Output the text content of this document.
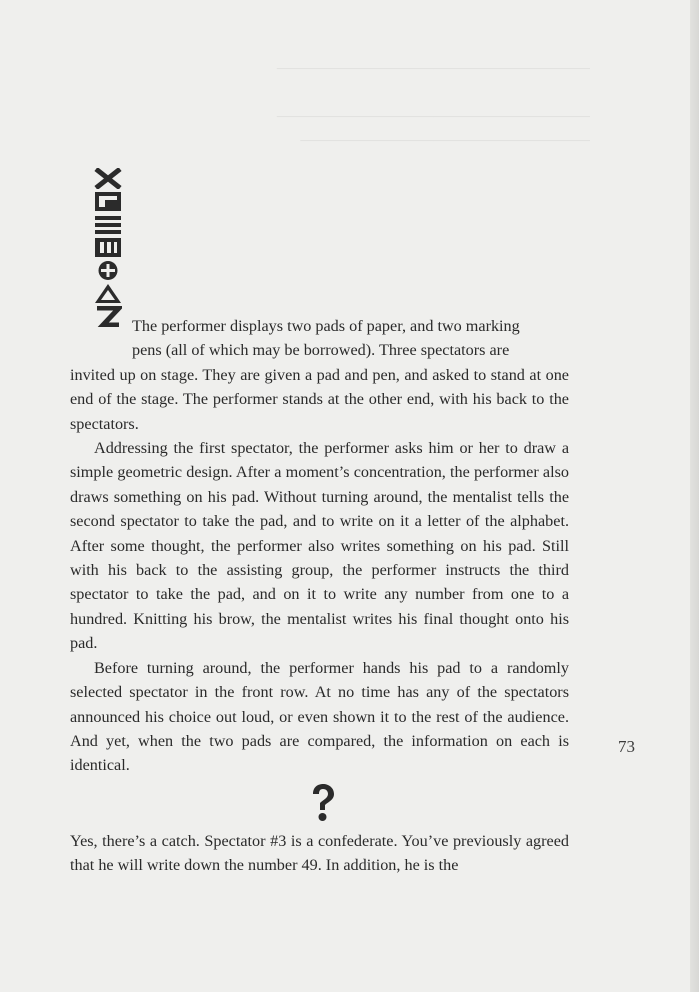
────────────────────────────────────────
────────────────────────────────────────
─────────────────────────────────────

The performer displays two pads of paper, and two marking
pens (all of which may be borrowed). Three spectators are
invited up on stage. They are given a pad and pen, and asked to stand at one end of the stage. The performer stands at the other end, with his back to the spectators.

Addressing the first spectator, the performer asks him or her to draw a simple geometric design. After a moment’s concentration, the performer also draws something on his pad. Without turning around, the mentalist tells the second spectator to take the pad, and to write on it a letter of the alphabet. After some thought, the performer also writes something on his pad. Still with his back to the assisting group, the performer instructs the third spectator to take the pad, and on it to write any number from one to a hundred. Knitting his brow, the mentalist writes his final thought onto his pad.

Before turning around, the performer hands his pad to a randomly selected spectator in the front row. At no time has any of the spectators announced his choice out loud, or even shown it to the rest of the audience. And yet, when the two pads are compared, the information on each is identical.

Yes, there’s a catch. Spectator #3 is a confederate. You’ve previously agreed that he will write down the number 49. In addition, he is the

73
